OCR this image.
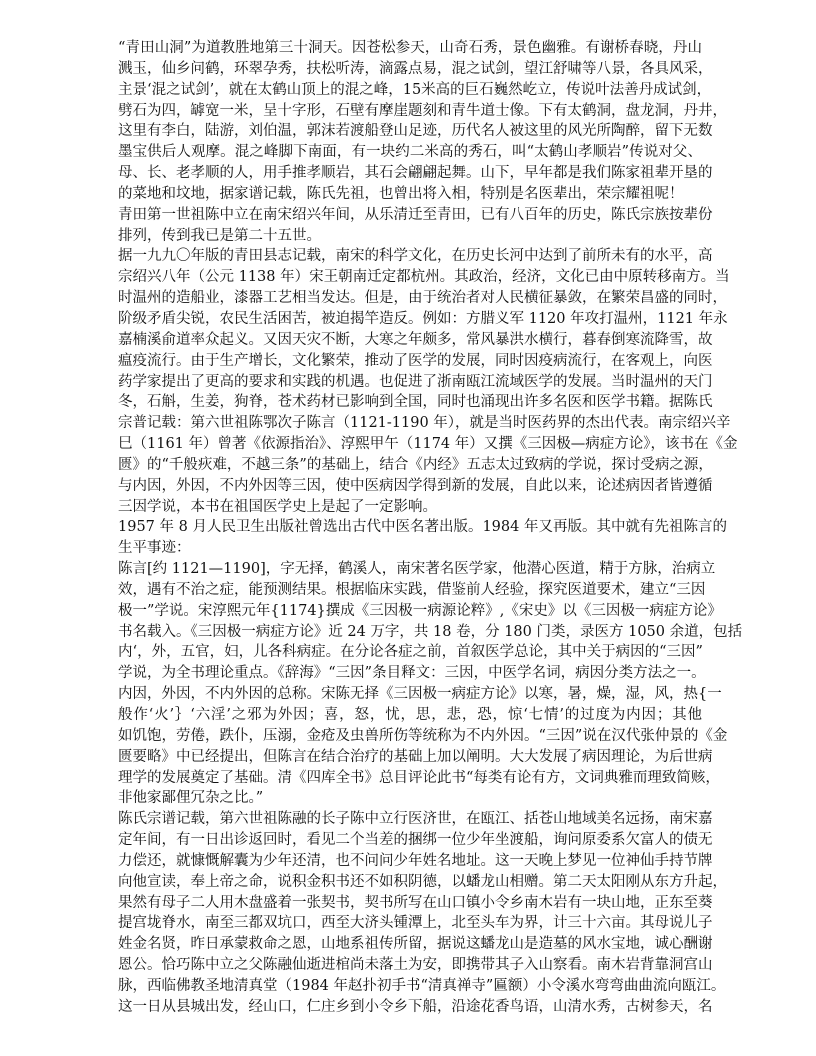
“青田山洞”为道教胜地第三十洞天。因苍松参天，山奇石秀，景色幽雅。有谢桥春晓，丹山
溅玉，仙乡问鹤，环翠孕秀，扶松听涛，滴露点易，混之试剑，望江舒啸等八景，各具风采，
主景‘混之试剑’，就在太鹤山顶上的混之峰，15米高的巨石巍然屹立，传说叶法善丹成试剑，
劈石为四，罅宽一米，呈十字形，石壁有摩崖题刻和青牛道士像。下有太鹤洞，盘龙洞，丹井，
这里有李白，陆游，刘伯温，郭沫若渡船登山足迹，历代名人被这里的风光所陶醉，留下无数
墨宝供后人观摩。混之峰脚下南面，有一块约二米高的秀石，叫“太鹤山孝顺岩”传说对父、
母、长、老孝顺的人，用手推孝顺岩，其石会翩翩起舞。山下，早年都是我们陈家祖辈开垦的
的菜地和坟地，据家谱记载，陈氏先祖，也曾出将入相，特别是名医辈出，荣宗耀祖呢！
青田第一世祖陈中立在南宋绍兴年间，从乐清迁至青田，已有八百年的历史，陈氏宗族按辈份
排列，传到我已是第二十五世。
据一九九〇年版的青田县志记载，南宋的科学文化，在历史长河中达到了前所未有的水平，高
宗绍兴八年（公元 1138 年）宋王朝南迁定都杭州。其政治，经济，文化已由中原转移南方。当
时温州的造船业，漆器工艺相当发达。但是，由于统治者对人民横征暴敛，在繁荣昌盛的同时，
阶级矛盾尖锐，农民生活困苦，被迫揭竿造反。例如：方腊义军 1120 年攻打温州，1121 年永
嘉楠溪俞道率众起义。又因天灾不断，大寒之年颇多，常风暴洪水横行，暮春倒寒流降雪，故
瘟疫流行。由于生产增长，文化繁荣，推动了医学的发展，同时因疫病流行，在客观上，向医
药学家提出了更高的要求和实践的机遇。也促进了浙南瓯江流域医学的发展。当时温州的天门
冬，石斛，生姜，狗脊，苍术药材已影响到全国，同时也涌现出许多名医和医学书籍。据陈氏
宗普记载：第六世祖陈鄂次子陈言（1121-1190 年），就是当时医药界的杰出代表。南宗绍兴辛
巳（1161 年）曾著《依源指治》、淳熙甲午（1174 年）又撰《三因极—病症方论》，该书在《金
匮》的“千般疢难，不越三条”的基础上，结合《内经》五志太过致病的学说，探讨受病之源，
与内因，外因，不内外因等三因，使中医病因学得到新的发展，自此以来，论述病因者皆遵循
三因学说，本书在祖国医学史上是起了一定影响。
1957 年 8 月人民卫生出版社曾选出古代中医名著出版。1984 年又再版。其中就有先祖陈言的
生平事迹：
陈言[约 1121—1190]，字无择，鹤溪人，南宋著名医学家，他潜心医道，精于方脉，治病立
效，遇有不治之症，能预测结果。根据临床实践，借鉴前人经验，探究医道要术，建立“三因
极一”学说。宋淳熙元年{1174}撰成《三因极一病源论粹》,《宋史》以《三因极一病症方论》
书名载入。《三因极一病症方论》近 24 万字，共 18 卷，分 180 门类，录医方 1050 余道，包括
内‘，外，五官，妇，儿各科病症。在分论各症之前，首叙医学总论，其中关于病因的“三因”
学说，为全书理论重点。《辞海》“三因”条目释文：三因，中医学名词，病因分类方法之一。
内因，外因，不内外因的总称。宋陈无择《三因极一病症方论》以寒，暑，燥，湿，风，热{一
般作‘火’｝‘六淫’之邪为外因；喜，怒，忧，思，悲，恐，惊‘七情’的过度为内因；其他
如饥饱，劳倦，跌仆，压溺，金疮及虫兽所伤等统称为不内外因。“三因”说在汉代张仲景的《金
匮要略》中已经提出，但陈言在结合治疗的基础上加以阐明。大大发展了病因理论，为后世病
理学的发展奠定了基础。清《四库全书》总目评论此书“每类有论有方，文词典雅而理致简赅，
非他家鄙俚冗杂之比。”
陈氏宗谱记载，第六世祖陈融的长子陈中立行医济世，在瓯江、括苍山地域美名远扬，南宋嘉
定年间，有一日出诊返回时，看见二个当差的捆绑一位少年坐渡船，询问原委系欠富人的债无
力偿还，就慷慨解囊为少年还清，也不问问少年姓名地址。这一天晚上梦见一位神仙手持节牌
向他宣读，奉上帝之命，说积金积书还不如积阴德，以蟠龙山相赠。第二天太阳刚从东方升起，
果然有母子二人用木盘盛着一张契书，契书所写在山口镇小令乡南木岩有一块山地，正东至葵
提宫垅脊水，南至三都双坑口，西至大济头锺潭上，北至头车为界，计三十六亩。其母说儿子
姓金名贤，昨日承蒙救命之恩，山地系祖传所留，据说这蟠龙山是造墓的风水宝地，诚心酬谢
恩公。恰巧陈中立之父陈融仙逝进棺尚未落土为安，即携带其子入山察看。南木岩背靠洞宫山
脉，西临佛教圣地清真堂（1984 年赵扑初手书“清真禅寺”匾额）小令溪水弯弯曲曲流向瓯江。
这一日从县城出发，经山口，仁庄乡到小令乡下船，沿途花香鸟语，山清水秀，古树参天，名
